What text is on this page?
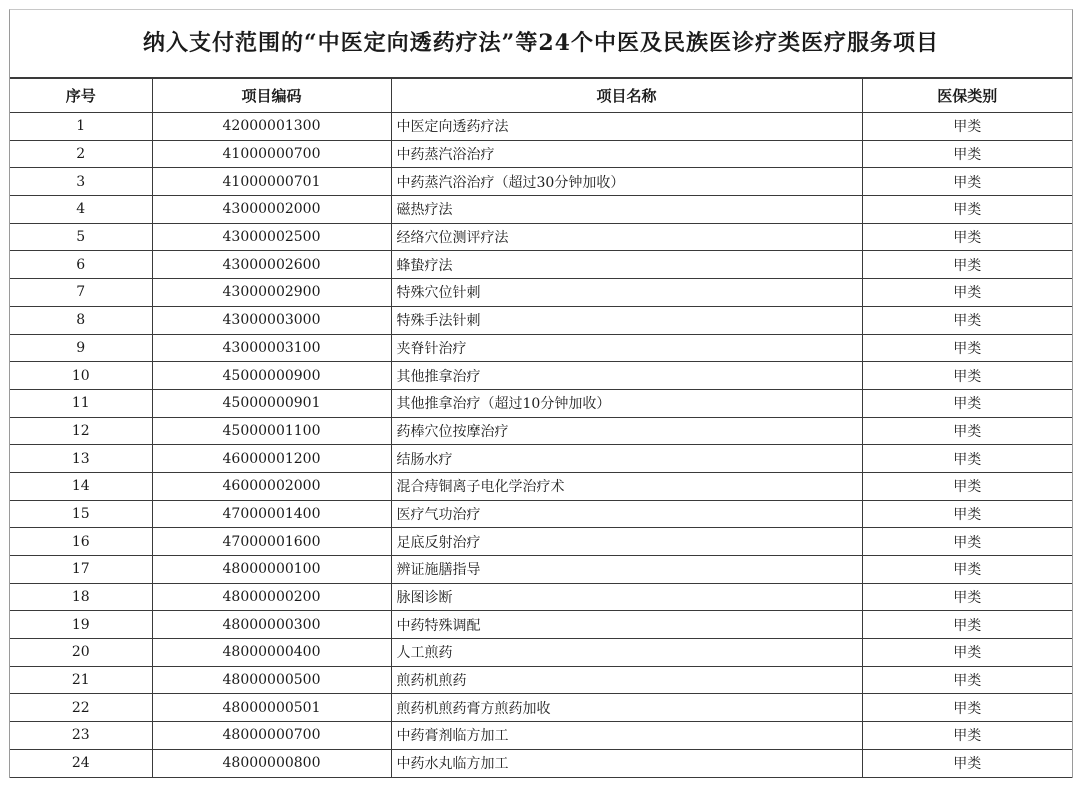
纳入支付范围的“中医定向透药疗法”等24个中医及民族医诊疗类医疗服务项目
序号	项目编码	项目名称	医保类别
1	42000001300	中医定向透药疗法	甲类
2	41000000700	中药蒸汽浴治疗	甲类
3	41000000701	中药蒸汽浴治疗（超过30分钟加收）	甲类
4	43000002000	磁热疗法	甲类
5	43000002500	经络穴位测评疗法	甲类
6	43000002600	蜂蛰疗法	甲类
7	43000002900	特殊穴位针刺	甲类
8	43000003000	特殊手法针刺	甲类
9	43000003100	夹脊针治疗	甲类
10	45000000900	其他推拿治疗	甲类
11	45000000901	其他推拿治疗（超过10分钟加收）	甲类
12	45000001100	药棒穴位按摩治疗	甲类
13	46000001200	结肠水疗	甲类
14	46000002000	混合痔铜离子电化学治疗术	甲类
15	47000001400	医疗气功治疗	甲类
16	47000001600	足底反射治疗	甲类
17	48000000100	辨证施膳指导	甲类
18	48000000200	脉图诊断	甲类
19	48000000300	中药特殊调配	甲类
20	48000000400	人工煎药	甲类
21	48000000500	煎药机煎药	甲类
22	48000000501	煎药机煎药膏方煎药加收	甲类
23	48000000700	中药膏剂临方加工	甲类
24	48000000800	中药水丸临方加工	甲类
